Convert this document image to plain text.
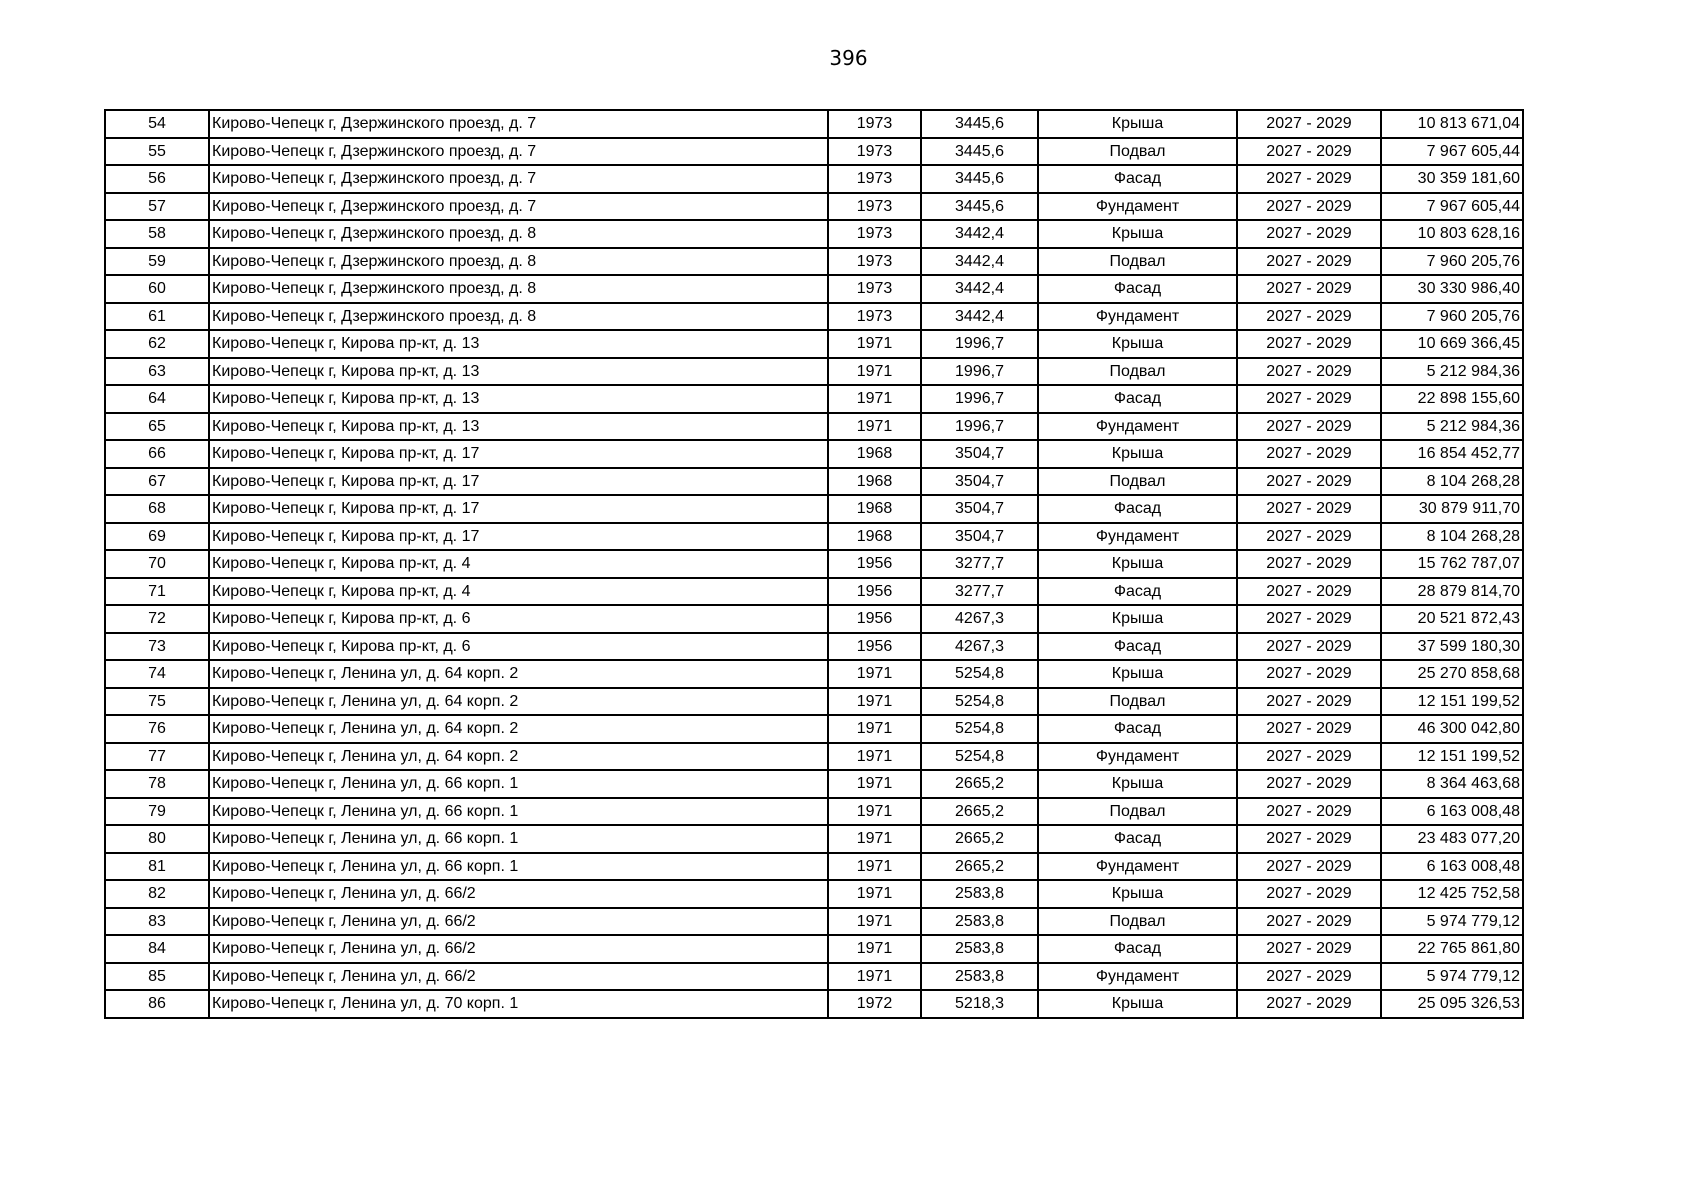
396
54	Кирово-Чепецк г, Дзержинского проезд, д. 7	1973	3445,6	Крыша	2027 - 2029	10 813 671,04
55	Кирово-Чепецк г, Дзержинского проезд, д. 7	1973	3445,6	Подвал	2027 - 2029	7 967 605,44
56	Кирово-Чепецк г, Дзержинского проезд, д. 7	1973	3445,6	Фасад	2027 - 2029	30 359 181,60
57	Кирово-Чепецк г, Дзержинского проезд, д. 7	1973	3445,6	Фундамент	2027 - 2029	7 967 605,44
58	Кирово-Чепецк г, Дзержинского проезд, д. 8	1973	3442,4	Крыша	2027 - 2029	10 803 628,16
59	Кирово-Чепецк г, Дзержинского проезд, д. 8	1973	3442,4	Подвал	2027 - 2029	7 960 205,76
60	Кирово-Чепецк г, Дзержинского проезд, д. 8	1973	3442,4	Фасад	2027 - 2029	30 330 986,40
61	Кирово-Чепецк г, Дзержинского проезд, д. 8	1973	3442,4	Фундамент	2027 - 2029	7 960 205,76
62	Кирово-Чепецк г, Кирова пр-кт, д. 13	1971	1996,7	Крыша	2027 - 2029	10 669 366,45
63	Кирово-Чепецк г, Кирова пр-кт, д. 13	1971	1996,7	Подвал	2027 - 2029	5 212 984,36
64	Кирово-Чепецк г, Кирова пр-кт, д. 13	1971	1996,7	Фасад	2027 - 2029	22 898 155,60
65	Кирово-Чепецк г, Кирова пр-кт, д. 13	1971	1996,7	Фундамент	2027 - 2029	5 212 984,36
66	Кирово-Чепецк г, Кирова пр-кт, д. 17	1968	3504,7	Крыша	2027 - 2029	16 854 452,77
67	Кирово-Чепецк г, Кирова пр-кт, д. 17	1968	3504,7	Подвал	2027 - 2029	8 104 268,28
68	Кирово-Чепецк г, Кирова пр-кт, д. 17	1968	3504,7	Фасад	2027 - 2029	30 879 911,70
69	Кирово-Чепецк г, Кирова пр-кт, д. 17	1968	3504,7	Фундамент	2027 - 2029	8 104 268,28
70	Кирово-Чепецк г, Кирова пр-кт, д. 4	1956	3277,7	Крыша	2027 - 2029	15 762 787,07
71	Кирово-Чепецк г, Кирова пр-кт, д. 4	1956	3277,7	Фасад	2027 - 2029	28 879 814,70
72	Кирово-Чепецк г, Кирова пр-кт, д. 6	1956	4267,3	Крыша	2027 - 2029	20 521 872,43
73	Кирово-Чепецк г, Кирова пр-кт, д. 6	1956	4267,3	Фасад	2027 - 2029	37 599 180,30
74	Кирово-Чепецк г, Ленина ул, д. 64 корп. 2	1971	5254,8	Крыша	2027 - 2029	25 270 858,68
75	Кирово-Чепецк г, Ленина ул, д. 64 корп. 2	1971	5254,8	Подвал	2027 - 2029	12 151 199,52
76	Кирово-Чепецк г, Ленина ул, д. 64 корп. 2	1971	5254,8	Фасад	2027 - 2029	46 300 042,80
77	Кирово-Чепецк г, Ленина ул, д. 64 корп. 2	1971	5254,8	Фундамент	2027 - 2029	12 151 199,52
78	Кирово-Чепецк г, Ленина ул, д. 66 корп. 1	1971	2665,2	Крыша	2027 - 2029	8 364 463,68
79	Кирово-Чепецк г, Ленина ул, д. 66 корп. 1	1971	2665,2	Подвал	2027 - 2029	6 163 008,48
80	Кирово-Чепецк г, Ленина ул, д. 66 корп. 1	1971	2665,2	Фасад	2027 - 2029	23 483 077,20
81	Кирово-Чепецк г, Ленина ул, д. 66 корп. 1	1971	2665,2	Фундамент	2027 - 2029	6 163 008,48
82	Кирово-Чепецк г, Ленина ул, д. 66/2	1971	2583,8	Крыша	2027 - 2029	12 425 752,58
83	Кирово-Чепецк г, Ленина ул, д. 66/2	1971	2583,8	Подвал	2027 - 2029	5 974 779,12
84	Кирово-Чепецк г, Ленина ул, д. 66/2	1971	2583,8	Фасад	2027 - 2029	22 765 861,80
85	Кирово-Чепецк г, Ленина ул, д. 66/2	1971	2583,8	Фундамент	2027 - 2029	5 974 779,12
86	Кирово-Чепецк г, Ленина ул, д. 70 корп. 1	1972	5218,3	Крыша	2027 - 2029	25 095 326,53
